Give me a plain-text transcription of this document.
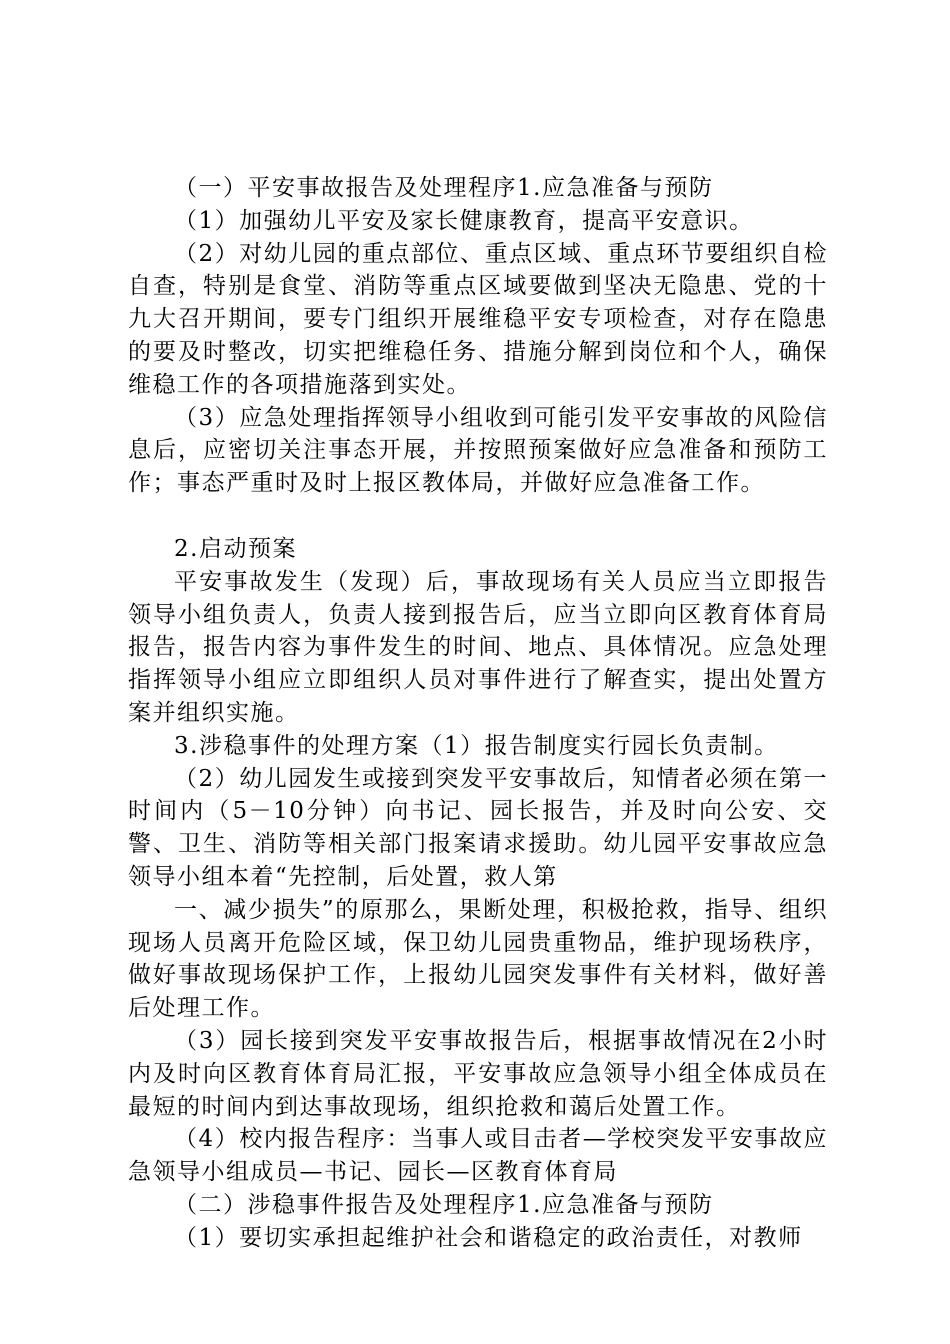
（一）平安事故报告及处理程序1.应急准备与预防

（1）加强幼儿平安及家长健康教育，提高平安意识。

（2）对幼儿园的重点部位、重点区域、重点环节要组织自检自查，特别是食堂、消防等重点区域要做到坚决无隐患、党的十九大召开期间，要专门组织开展维稳平安专项检查，对存在隐患的要及时整改，切实把维稳任务、措施分解到岗位和个人，确保维稳工作的各项措施落到实处。

（3）应急处理指挥领导小组收到可能引发平安事故的风险信息后，应密切关注事态开展，并按照预案做好应急准备和预防工作；事态严重时及时上报区教体局，并做好应急准备工作。

2.启动预案

平安事故发生（发现）后，事故现场有关人员应当立即报告领导小组负责人，负责人接到报告后，应当立即向区教育体育局报告，报告内容为事件发生的时间、地点、具体情况。应急处理指挥领导小组应立即组织人员对事件进行了解查实，提出处置方案并组织实施。

3.涉稳事件的处理方案（1）报告制度实行园长负责制。

（2）幼儿园发生或接到突发平安事故后，知情者必须在第一时间内（5－10分钟）向书记、园长报告，并及时向公安、交警、卫生、消防等相关部门报案请求援助。幼儿园平安事故应急领导小组本着“先控制，后处置，救人第

一、减少损失”的原那么，果断处理，积极抢救，指导、组织现场人员离开危险区域，保卫幼儿园贵重物品，维护现场秩序，做好事故现场保护工作，上报幼儿园突发事件有关材料，做好善后处理工作。

（3）园长接到突发平安事故报告后，根据事故情况在2小时内及时向区教育体育局汇报，平安事故应急领导小组全体成员在最短的时间内到达事故现场，组织抢救和蔼后处置工作。

（4）校内报告程序：当事人或目击者—学校突发平安事故应急领导小组成员—书记、园长—区教育体育局

（二）涉稳事件报告及处理程序1.应急准备与预防

（1）要切实承担起维护社会和谐稳定的政治责任，对教师
